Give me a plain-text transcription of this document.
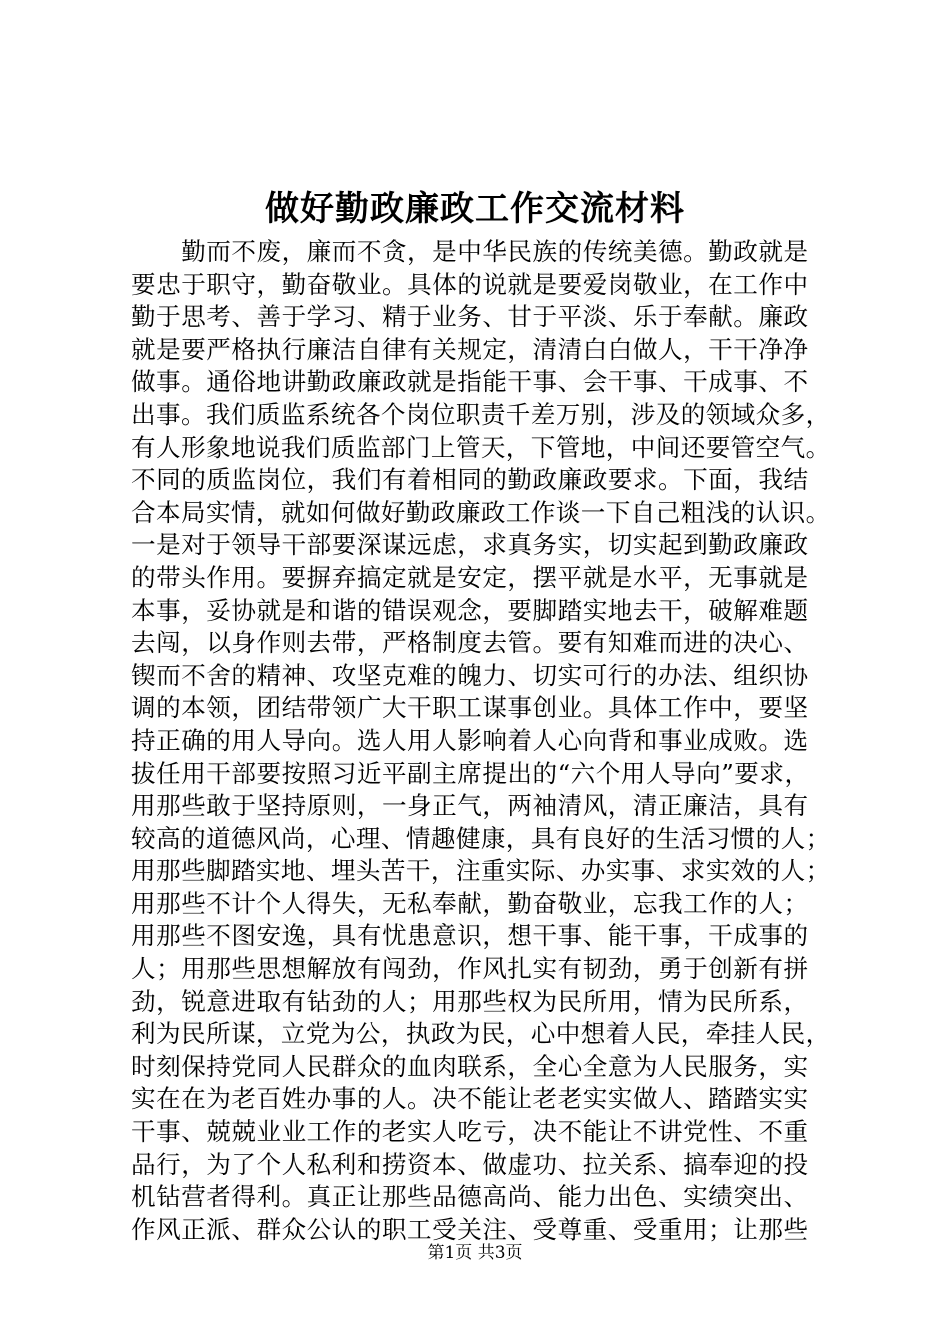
做好勤政廉政工作交流材料
　　勤而不废，廉而不贪，是中华民族的传统美德。勤政就是
要忠于职守，勤奋敬业。具体的说就是要爱岗敬业，在工作中
勤于思考、善于学习、精于业务、甘于平淡、乐于奉献。廉政
就是要严格执行廉洁自律有关规定，清清白白做人，干干净净
做事。通俗地讲勤政廉政就是指能干事、会干事、干成事、不
出事。我们质监系统各个岗位职责千差万别，涉及的领域众多，
有人形象地说我们质监部门上管天，下管地，中间还要管空气。
不同的质监岗位，我们有着相同的勤政廉政要求。下面，我结
合本局实情，就如何做好勤政廉政工作谈一下自己粗浅的认识。
一是对于领导干部要深谋远虑，求真务实，切实起到勤政廉政
的带头作用。要摒弃搞定就是安定，摆平就是水平，无事就是
本事，妥协就是和谐的错误观念，要脚踏实地去干，破解难题
去闯，以身作则去带，严格制度去管。要有知难而进的决心、
锲而不舍的精神、攻坚克难的魄力、切实可行的办法、组织协
调的本领，团结带领广大干职工谋事创业。具体工作中，要坚
持正确的用人导向。选人用人影响着人心向背和事业成败。选
拔任用干部要按照习近平副主席提出的“六个用人导向”要求，
用那些敢于坚持原则，一身正气，两袖清风，清正廉洁，具有
较高的道德风尚，心理、情趣健康，具有良好的生活习惯的人；
用那些脚踏实地、埋头苦干，注重实际、办实事、求实效的人；
用那些不计个人得失，无私奉献，勤奋敬业，忘我工作的人；
用那些不图安逸，具有忧患意识，想干事、能干事，干成事的
人；用那些思想解放有闯劲，作风扎实有韧劲，勇于创新有拼
劲，锐意进取有钻劲的人；用那些权为民所用，情为民所系，
利为民所谋，立党为公，执政为民，心中想着人民，牵挂人民，
时刻保持党同人民群众的血肉联系，全心全意为人民服务，实
实在在为老百姓办事的人。决不能让老老实实做人、踏踏实实
干事、兢兢业业工作的老实人吃亏，决不能让不讲党性、不重
品行，为了个人私利和捞资本、做虚功、拉关系、搞奉迎的投
机钻营者得利。真正让那些品德高尚、能力出色、实绩突出、
作风正派、群众公认的职工受关注、受尊重、受重用；让那些
第1页 共3页
